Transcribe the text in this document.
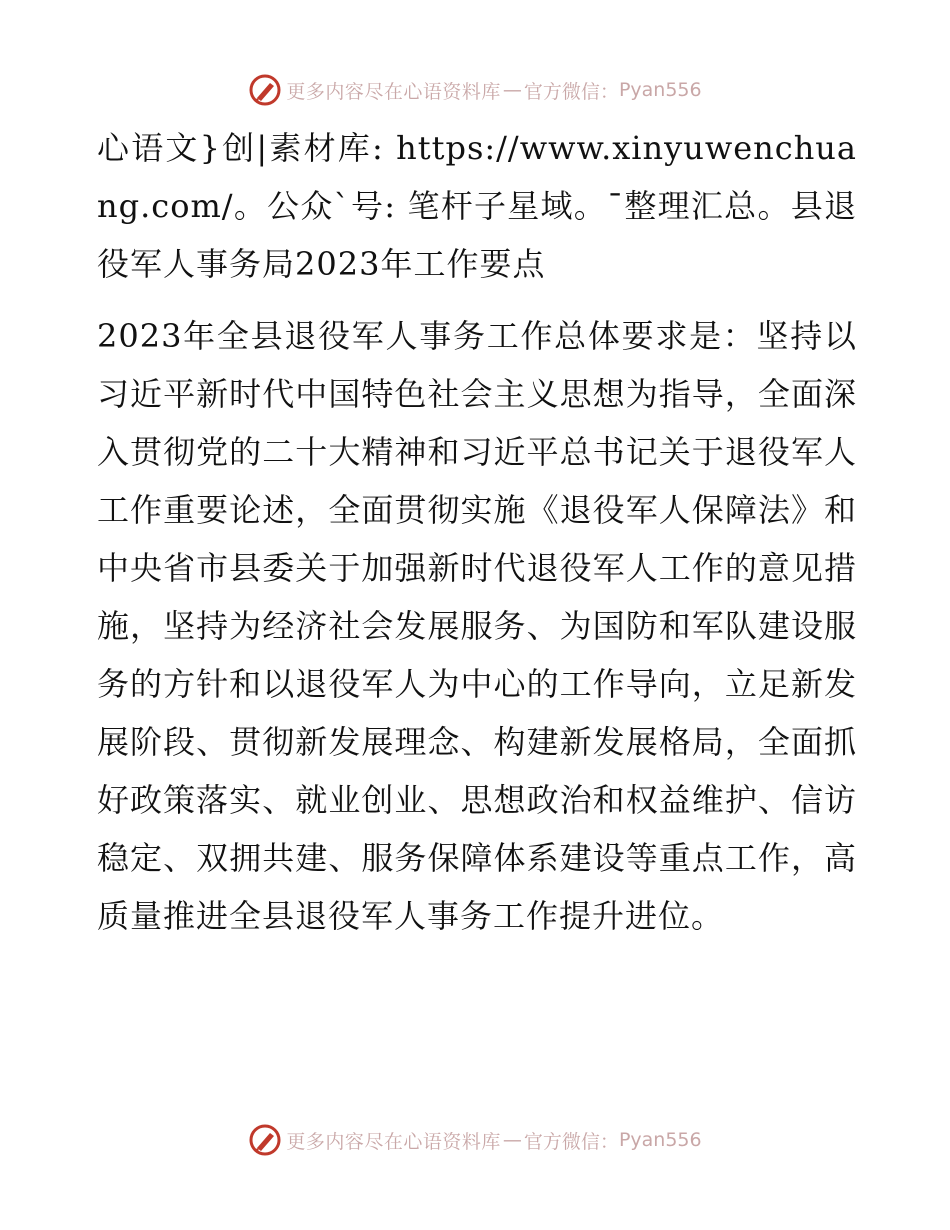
更多内容尽在心语资料库 — 官方微信： Pyan556

心语文}创|素材库: https://www.xinyuwenchuang.com/。公众`号: 笔杆子星域。¯整理汇总。县退役军人事务局2023年工作要点

2023年全县退役军人事务工作总体要求是：坚持以习近平新时代中国特色社会主义思想为指导，全面深入贯彻党的二十大精神和习近平总书记关于退役军人工作重要论述，全面贯彻实施《退役军人保障法》和中央省市县委关于加强新时代退役军人工作的意见措施，坚持为经济社会发展服务、为国防和军队建设服务的方针和以退役军人为中心的工作导向，立足新发展阶段、贯彻新发展理念、构建新发展格局，全面抓好政策落实、就业创业、思想政治和权益维护、信访稳定、双拥共建、服务保障体系建设等重点工作，高质量推进全县退役军人事务工作提升进位。

更多内容尽在心语资料库 — 官方微信： Pyan556
